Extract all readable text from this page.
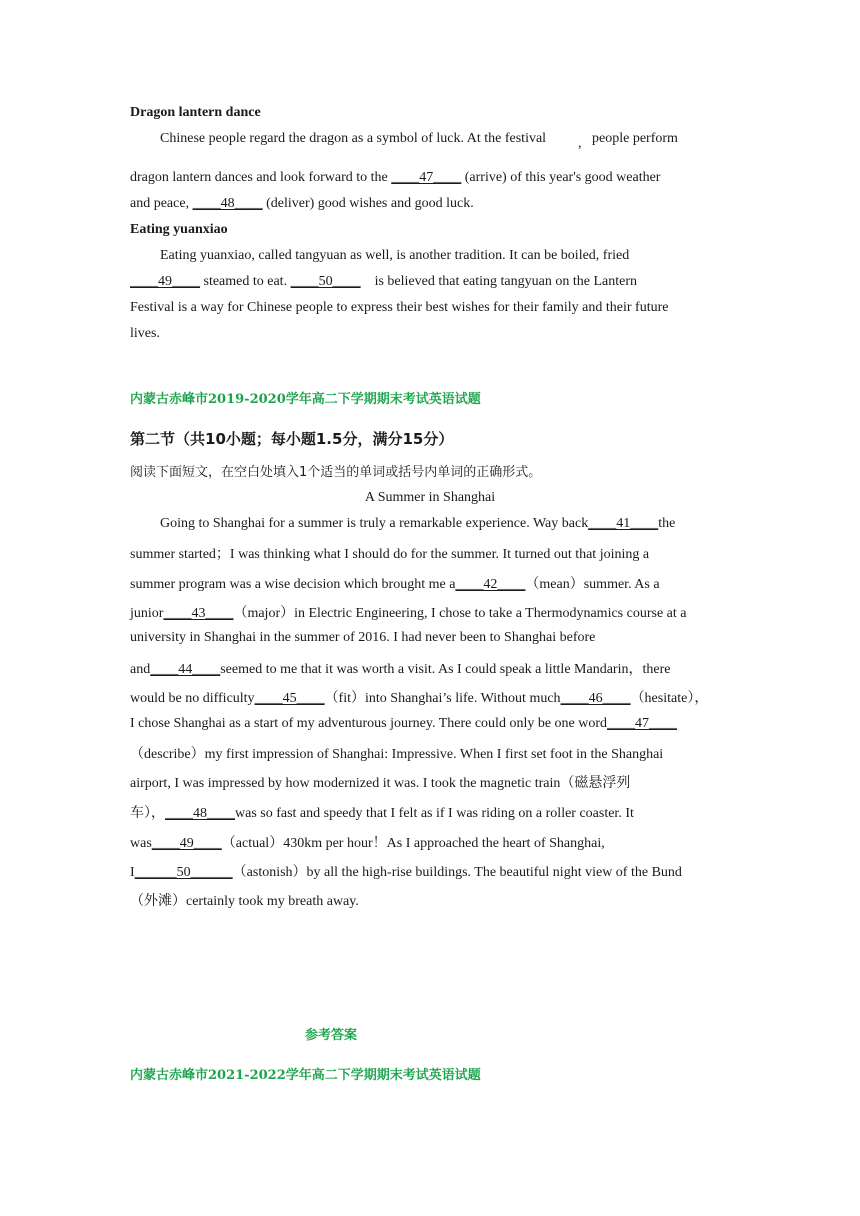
Dragon lantern dance
Chinese people regard the dragon as a symbol of luck. At the festival , people perform
dragon lantern dances and look forward to the ____47____ (arrive) of this year's good weather
and peace, ____48____ (deliver) good wishes and good luck.
Eating yuanxiao
Eating yuanxiao, called tangyuan as well, is another tradition. It can be boiled, fried
____49____ steamed to eat. ____50____    is believed that eating tangyuan on the Lantern
Festival is a way for Chinese people to express their best wishes for their family and their future
lives.
内蒙古赤峰市2019-2020学年高二下学期期末考试英语试题
第二节（共10小题；每小题1.5分，满分15分）
阅读下面短文，在空白处填入1个适当的单词或括号内单词的正确形式。
A Summer in Shanghai
Going to Shanghai for a summer is truly a remarkable experience. Way back____41____the
summer started；I was thinking what I should do for the summer. It turned out that joining a
summer program was a wise decision which brought me a____42____（mean）summer. As a
junior____43____（major）in Electric Engineering, I chose to take a Thermodynamics course at a
university in Shanghai in the summer of 2016. I had never been to Shanghai before
and____44____seemed to me that it was worth a visit. As I could speak a little Mandarin，there
would be no difficulty____45____（fit）into Shanghai’s life. Without much____46____（hesitate），
I chose Shanghai as a start of my adventurous journey. There could only be one word____47____
（describe）my first impression of Shanghai: Impressive. When I first set foot in the Shanghai
airport, I was impressed by how modernized it was. I took the magnetic train（磁悬浮列
车），____48____was so fast and speedy that I felt as if I was riding on a roller coaster. It
was____49____（actual）430km per hour！As I approached the heart of Shanghai,
I______50______（astonish）by all the high-rise buildings. The beautiful night view of the Bund
（外滩）certainly took my breath away.
参考答案
内蒙古赤峰市2021-2022学年高二下学期期末考试英语试题
